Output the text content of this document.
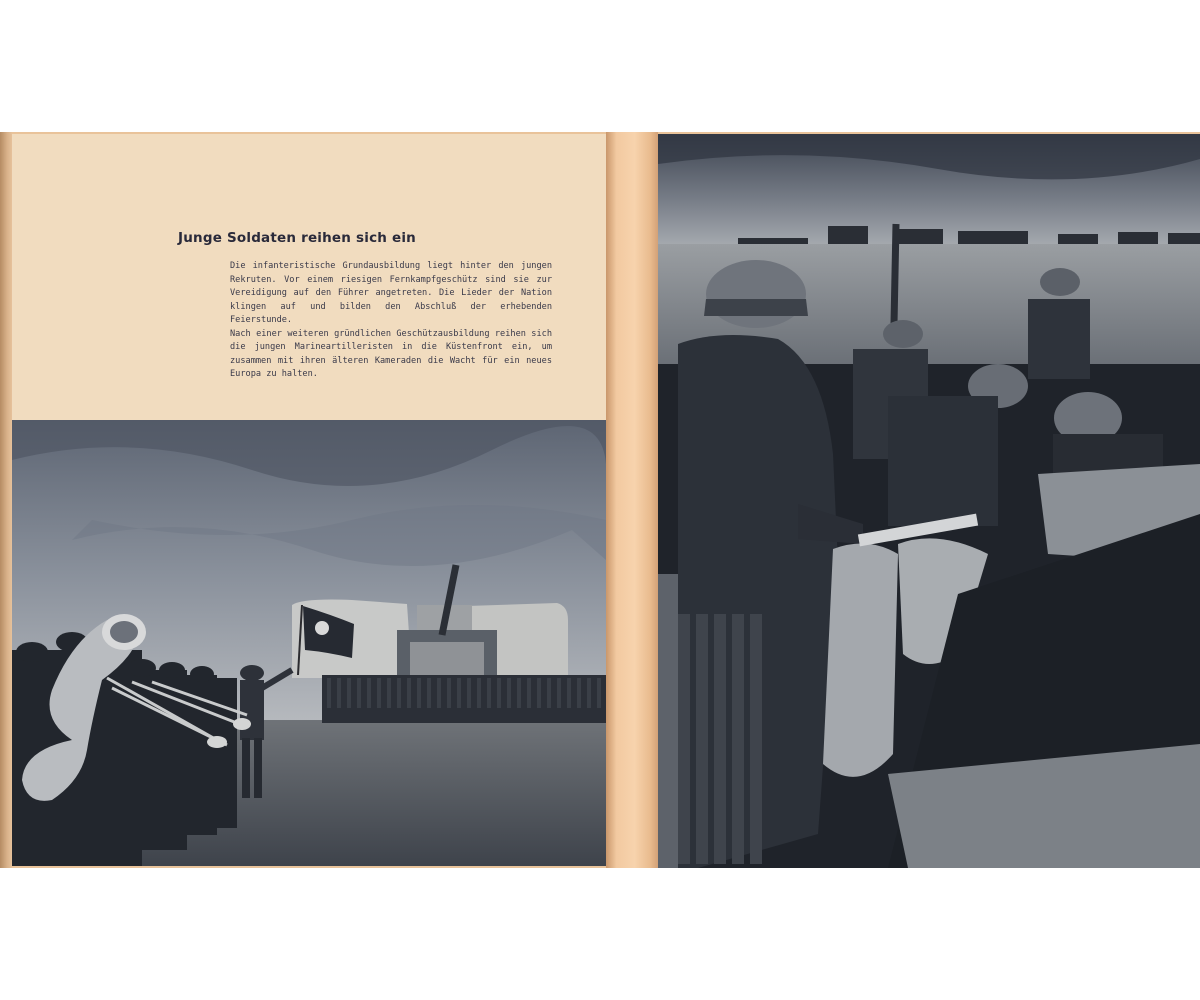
Junge Soldaten reihen sich ein

Die infanteristische Grundausbildung liegt hinter den jungen Rekruten. Vor einem riesigen Fernkampfgeschütz sind sie zur Vereidigung auf den Führer angetreten. Die Lieder der Nation klingen auf und bilden den Abschluß der erhebenden Feierstunde.

Nach einer weiteren gründlichen Geschützausbildung reihen sich die jungen Marineartilleristen in die Küstenfront ein, um zusammen mit ihren älteren Kameraden die Wacht für ein neues Europa zu halten.
